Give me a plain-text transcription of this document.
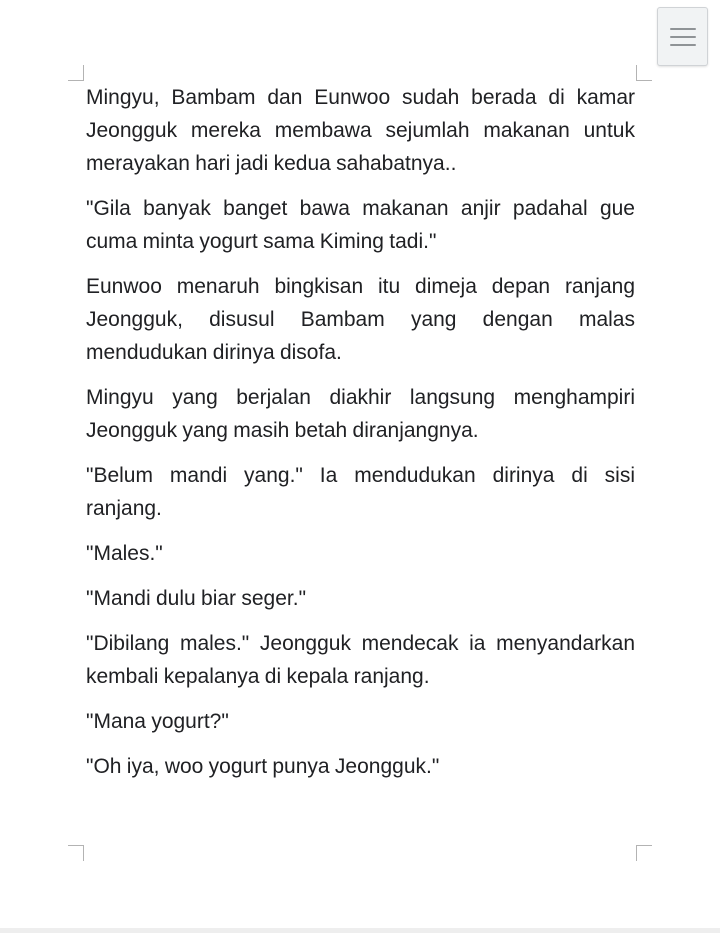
Mingyu, Bambam dan Eunwoo sudah berada di kamar Jeongguk mereka membawa sejumlah makanan untuk merayakan hari jadi kedua sahabatnya..

"Gila banyak banget bawa makanan anjir padahal gue cuma minta yogurt sama Kiming tadi."

Eunwoo menaruh bingkisan itu dimeja depan ranjang Jeongguk, disusul Bambam yang dengan malas mendudukan dirinya disofa.

Mingyu yang berjalan diakhir langsung menghampiri Jeongguk yang masih betah diranjangnya.

"Belum mandi yang." Ia mendudukan dirinya di sisi ranjang.

"Males."

"Mandi dulu biar seger."

"Dibilang males." Jeongguk mendecak ia menyandarkan kembali kepalanya di kepala ranjang.

"Mana yogurt?"

"Oh iya, woo yogurt punya Jeongguk."
